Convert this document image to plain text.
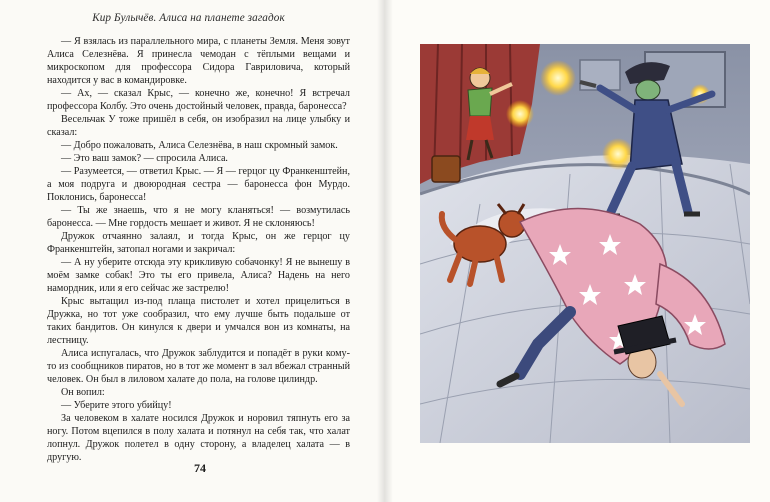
Кир Булычёв. Алиса на планете загадок

— Я взялась из параллельного мира, с планеты Земля. Меня зовут Алиса Селезнёва. Я принесла чемодан с тёплыми вещами и микроскопом для профессора Сидора Гавриловича, который находится у вас в командировке.

— Ах, — сказал Крыс, — конечно же, конечно! Я встречал профессора Колбу. Это очень достойный человек, правда, баронесса?

Весельчак У тоже пришёл в себя, он изобразил на лице улыбку и сказал:

— Добро пожаловать, Алиса Селезнёва, в наш скромный замок.

— Это ваш замок? — спросила Алиса.

— Разумеется, — ответил Крыс. — Я — герцог цу Франкенштейн, а моя подруга и двоюродная сестра — баронесса фон Мурдо. Поклонись, баронесса!

— Ты же знаешь, что я не могу кланяться! — возмутилась баронесса. — Мне гордость мешает и живот. Я не склоняюсь!

Дружок отчаянно залаял, и тогда Крыс, он же герцог цу Франкенштейн, затопал ногами и закричал:

— А ну уберите отсюда эту крикливую собачонку! Я не вынешу в моём замке собак! Это ты его привела, Алиса? Надень на него намордник, или я его сейчас же застрелю!

Крыс вытащил из-под плаща пистолет и хотел прицелиться в Дружка, но тот уже сообразил, что ему лучше быть подальше от таких бандитов. Он кинулся к двери и умчался вон из комнаты, на лестницу.

Алиса испугалась, что Дружок заблудится и попадёт в руки кому-то из сообщников пиратов, но в тот же момент в зал вбежал странный человек. Он был в лиловом халате до пола, на голове цилиндр.

Он вопил:

— Уберите этого убийцу!

За человеком в халате носился Дружок и норовил тяпнуть его за ногу. Потом вцепился в полу халата и потянул на себя так, что халат лопнул. Дружок полетел в одну сторону, а владелец халата — в другую.

74
